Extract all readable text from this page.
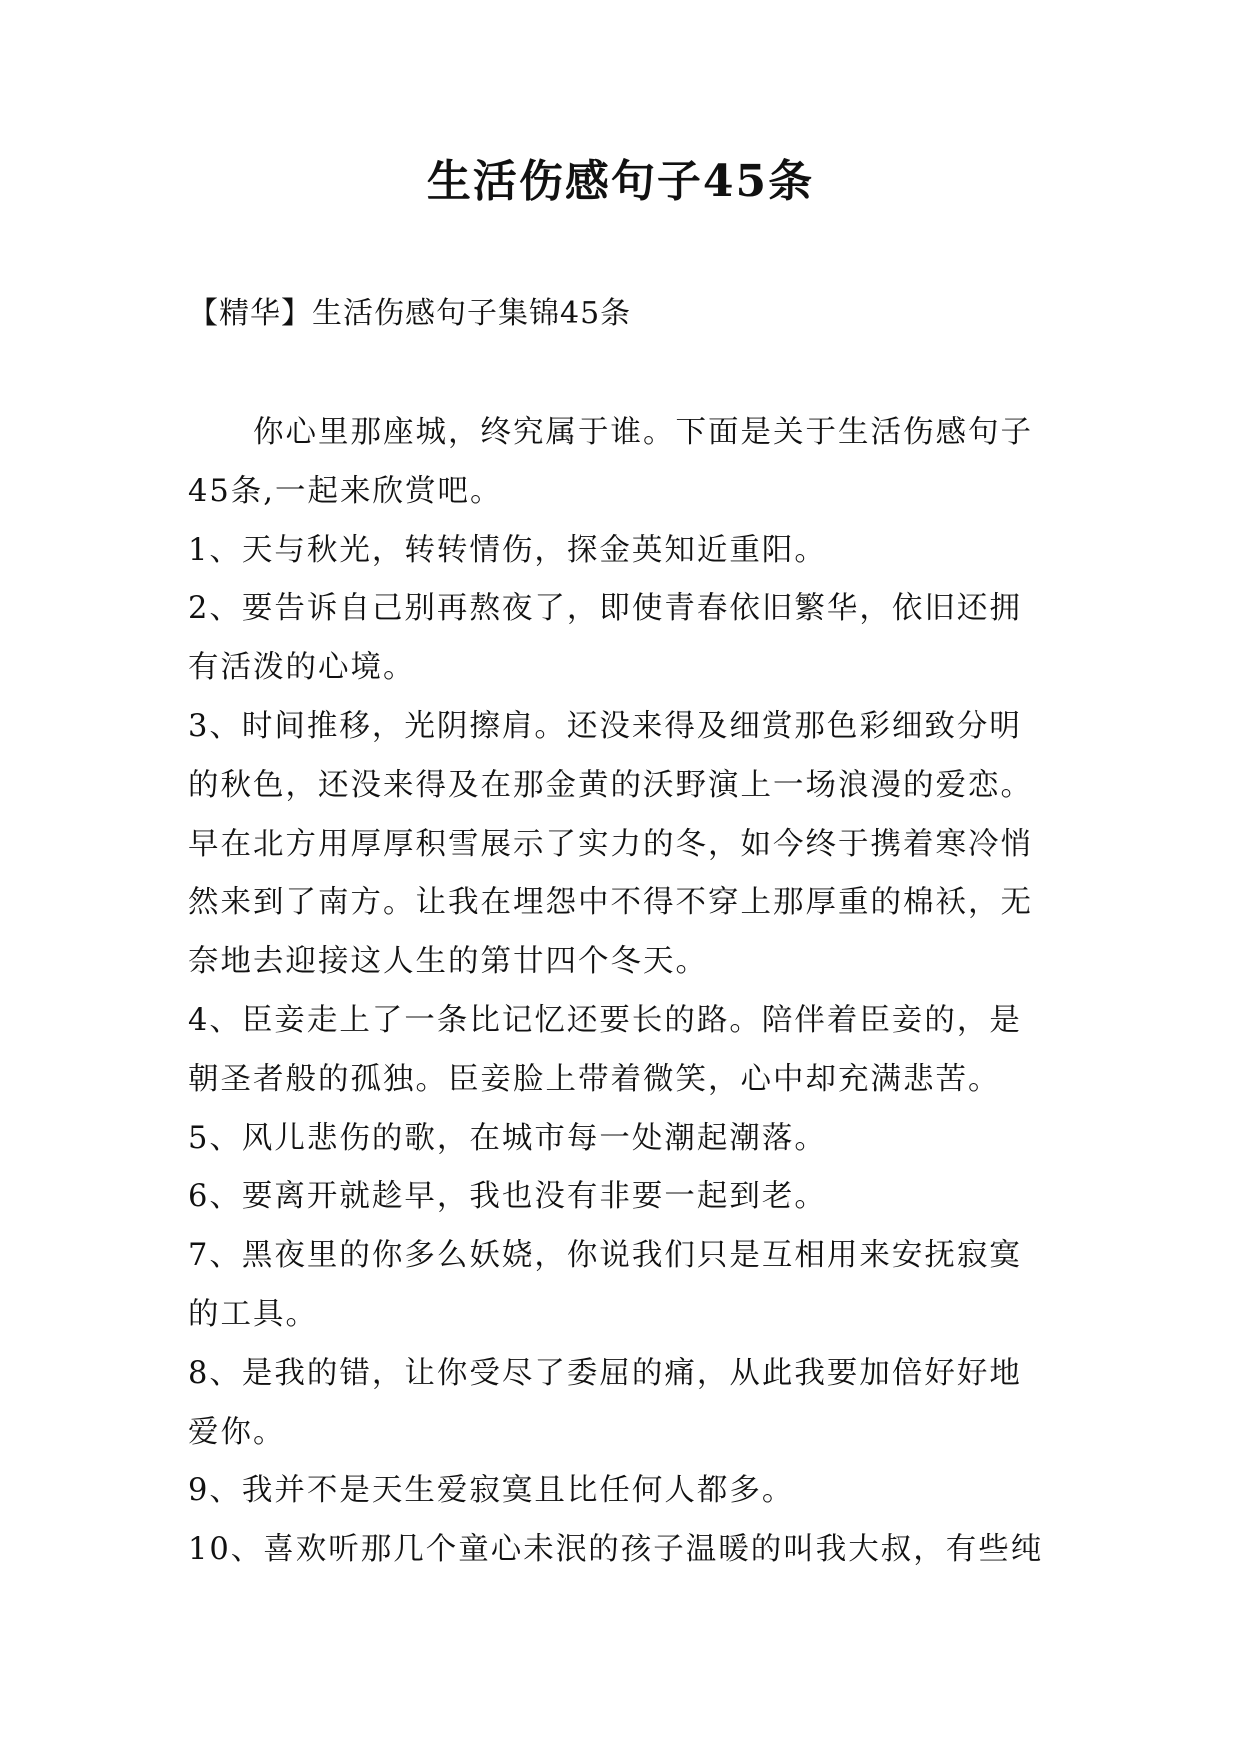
生活伤感句子45条
【精华】生活伤感句子集锦45条
　　你心里那座城，终究属于谁。下面是关于生活伤感句子
45条,一起来欣赏吧。
1、天与秋光，转转情伤，探金英知近重阳。
2、要告诉自己别再熬夜了，即使青春依旧繁华，依旧还拥
有活泼的心境。
3、时间推移，光阴擦肩。还没来得及细赏那色彩细致分明
的秋色，还没来得及在那金黄的沃野演上一场浪漫的爱恋。
早在北方用厚厚积雪展示了实力的冬，如今终于携着寒冷悄
然来到了南方。让我在埋怨中不得不穿上那厚重的棉袄，无
奈地去迎接这人生的第廿四个冬天。
4、臣妾走上了一条比记忆还要长的路。陪伴着臣妾的，是
朝圣者般的孤独。臣妾脸上带着微笑，心中却充满悲苦。
5、风儿悲伤的歌，在城市每一处潮起潮落。
6、要离开就趁早，我也没有非要一起到老。
7、黑夜里的你多么妖娆，你说我们只是互相用来安抚寂寞
的工具。
8、是我的错，让你受尽了委屈的痛，从此我要加倍好好地
爱你。
9、我并不是天生爱寂寞且比任何人都多。
10、喜欢听那几个童心未泯的孩子温暖的叫我大叔，有些纯
